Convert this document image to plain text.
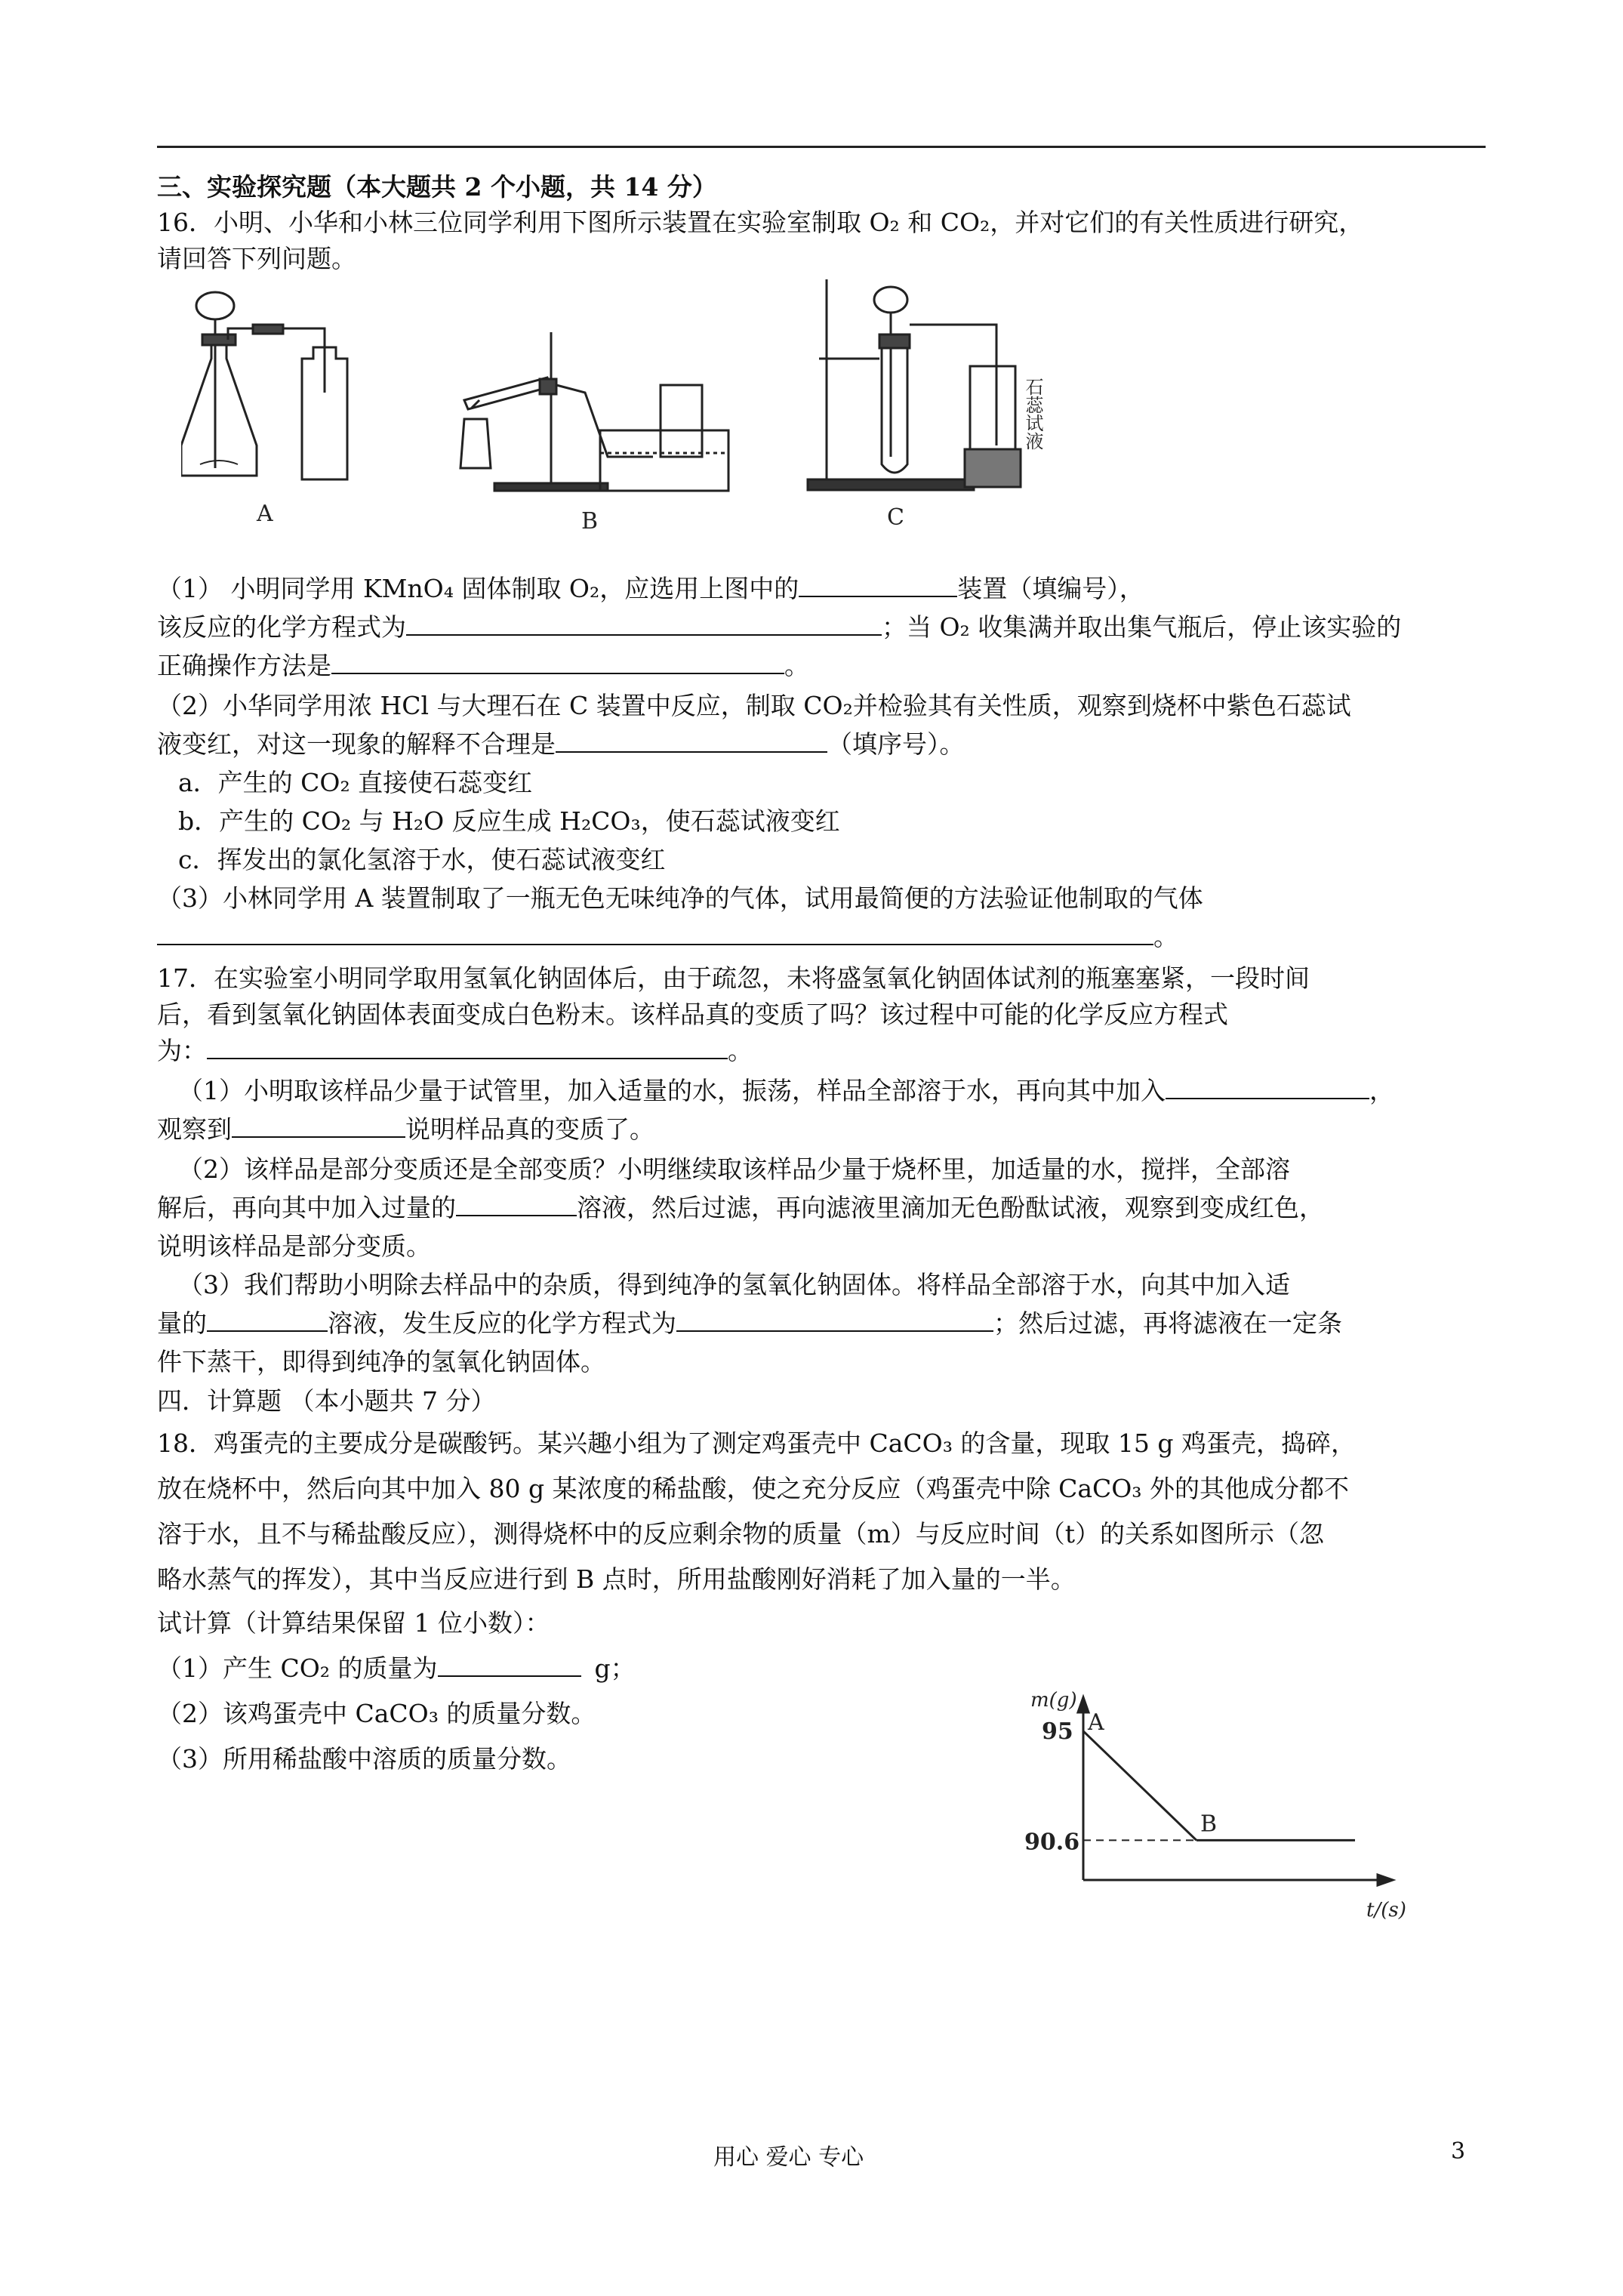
三、实验探究题（本大题共 2 个小题，共 14 分）
16．小明、小华和小林三位同学利用下图所示装置在实验室制取 O₂ 和 CO₂，并对它们的有关性质进行研究，
请回答下列问题。
A	B
石蕊试液
C
（1） 小明同学用 KMnO₄ 固体制取 O₂，应选用上图中的	装置（填编号），
该反应的化学方程式为	；当 O₂ 收集满并取出集气瓶后，停止该实验的
正确操作方法是	。
（2）小华同学用浓 HCl 与大理石在 C 装置中反应，制取 CO₂并检验其有关性质，观察到烧杯中紫色石蕊试
液变红，对这一现象的解释不合理是	（填序号）。
a．产生的 CO₂ 直接使石蕊变红
b．产生的 CO₂ 与 H₂O 反应生成 H₂CO₃，使石蕊试液变红
c．挥发出的氯化氢溶于水，使石蕊试液变红
（3）小林同学用 A 装置制取了一瓶无色无味纯净的气体，试用最简便的方法验证他制取的气体
。
17．在实验室小明同学取用氢氧化钠固体后，由于疏忽，未将盛氢氧化钠固体试剂的瓶塞塞紧，一段时间
后，看到氢氧化钠固体表面变成白色粉末。该样品真的变质了吗？该过程中可能的化学反应方程式
为：	。
（1）小明取该样品少量于试管里，加入适量的水，振荡，样品全部溶于水，再向其中加入	，
观察到	说明样品真的变质了。
（2）该样品是部分变质还是全部变质？小明继续取该样品少量于烧杯里，加适量的水，搅拌，全部溶
解后，再向其中加入过量的	溶液，然后过滤，再向滤液里滴加无色酚酞试液，观察到变成红色，
说明该样品是部分变质。
（3）我们帮助小明除去样品中的杂质，得到纯净的氢氧化钠固体。将样品全部溶于水，向其中加入适
量的	溶液，发生反应的化学方程式为	；然后过滤，再将滤液在一定条
件下蒸干，即得到纯净的氢氧化钠固体。
四．计算题 （本小题共 7 分）
18．鸡蛋壳的主要成分是碳酸钙。某兴趣小组为了测定鸡蛋壳中 CaCO₃ 的含量，现取 15 g 鸡蛋壳，捣碎，
放在烧杯中，然后向其中加入 80 g 某浓度的稀盐酸，使之充分反应（鸡蛋壳中除 CaCO₃ 外的其他成分都不
溶于水，且不与稀盐酸反应），测得烧杯中的反应剩余物的质量（m）与反应时间（t）的关系如图所示（忽
略水蒸气的挥发），其中当反应进行到 B 点时，所用盐酸刚好消耗了加入量的一半。
试计算（计算结果保留 1 位小数）：
（1）产生 CO₂ 的质量为	g；
（2）该鸡蛋壳中 CaCO₃ 的质量分数。
（3）所用稀盐酸中溶质的质量分数。
A
B
95
90.6
m(g)
t/(s)
用心 爱心 专心	3
